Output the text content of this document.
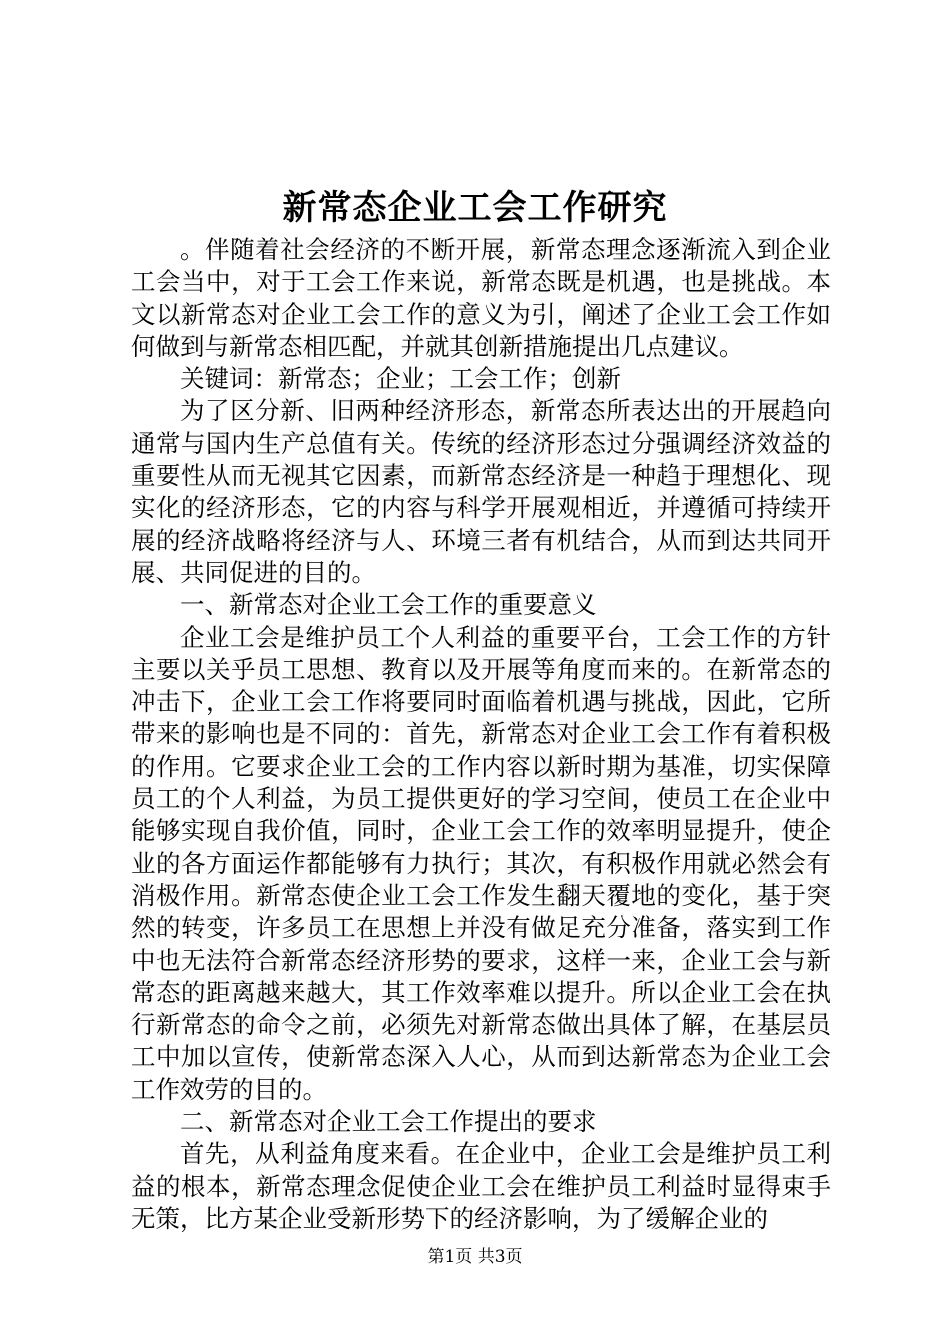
新常态企业工会工作研究

。伴随着社会经济的不断开展，新常态理念逐渐流入到企业工会当中，对于工会工作来说，新常态既是机遇，也是挑战。本文以新常态对企业工会工作的意义为引，阐述了企业工会工作如何做到与新常态相匹配，并就其创新措施提出几点建议。

关键词：新常态；企业；工会工作；创新

为了区分新、旧两种经济形态，新常态所表达出的开展趋向通常与国内生产总值有关。传统的经济形态过分强调经济效益的重要性从而无视其它因素，而新常态经济是一种趋于理想化、现实化的经济形态，它的内容与科学开展观相近，并遵循可持续开展的经济战略将经济与人、环境三者有机结合，从而到达共同开展、共同促进的目的。

一、新常态对企业工会工作的重要意义

企业工会是维护员工个人利益的重要平台，工会工作的方针主要以关乎员工思想、教育以及开展等角度而来的。在新常态的冲击下，企业工会工作将要同时面临着机遇与挑战，因此，它所带来的影响也是不同的：首先，新常态对企业工会工作有着积极的作用。它要求企业工会的工作内容以新时期为基准，切实保障员工的个人利益，为员工提供更好的学习空间，使员工在企业中能够实现自我价值，同时，企业工会工作的效率明显提升，使企业的各方面运作都能够有力执行；其次，有积极作用就必然会有消极作用。新常态使企业工会工作发生翻天覆地的变化，基于突然的转变，许多员工在思想上并没有做足充分准备，落实到工作中也无法符合新常态经济形势的要求，这样一来，企业工会与新常态的距离越来越大，其工作效率难以提升。所以企业工会在执行新常态的命令之前，必须先对新常态做出具体了解，在基层员工中加以宣传，使新常态深入人心，从而到达新常态为企业工会工作效劳的目的。

二、新常态对企业工会工作提出的要求

首先，从利益角度来看。在企业中，企业工会是维护员工利益的根本，新常态理念促使企业工会在维护员工利益时显得束手无策，比方某企业受新形势下的经济影响，为了缓解企业的

第1页 共3页
